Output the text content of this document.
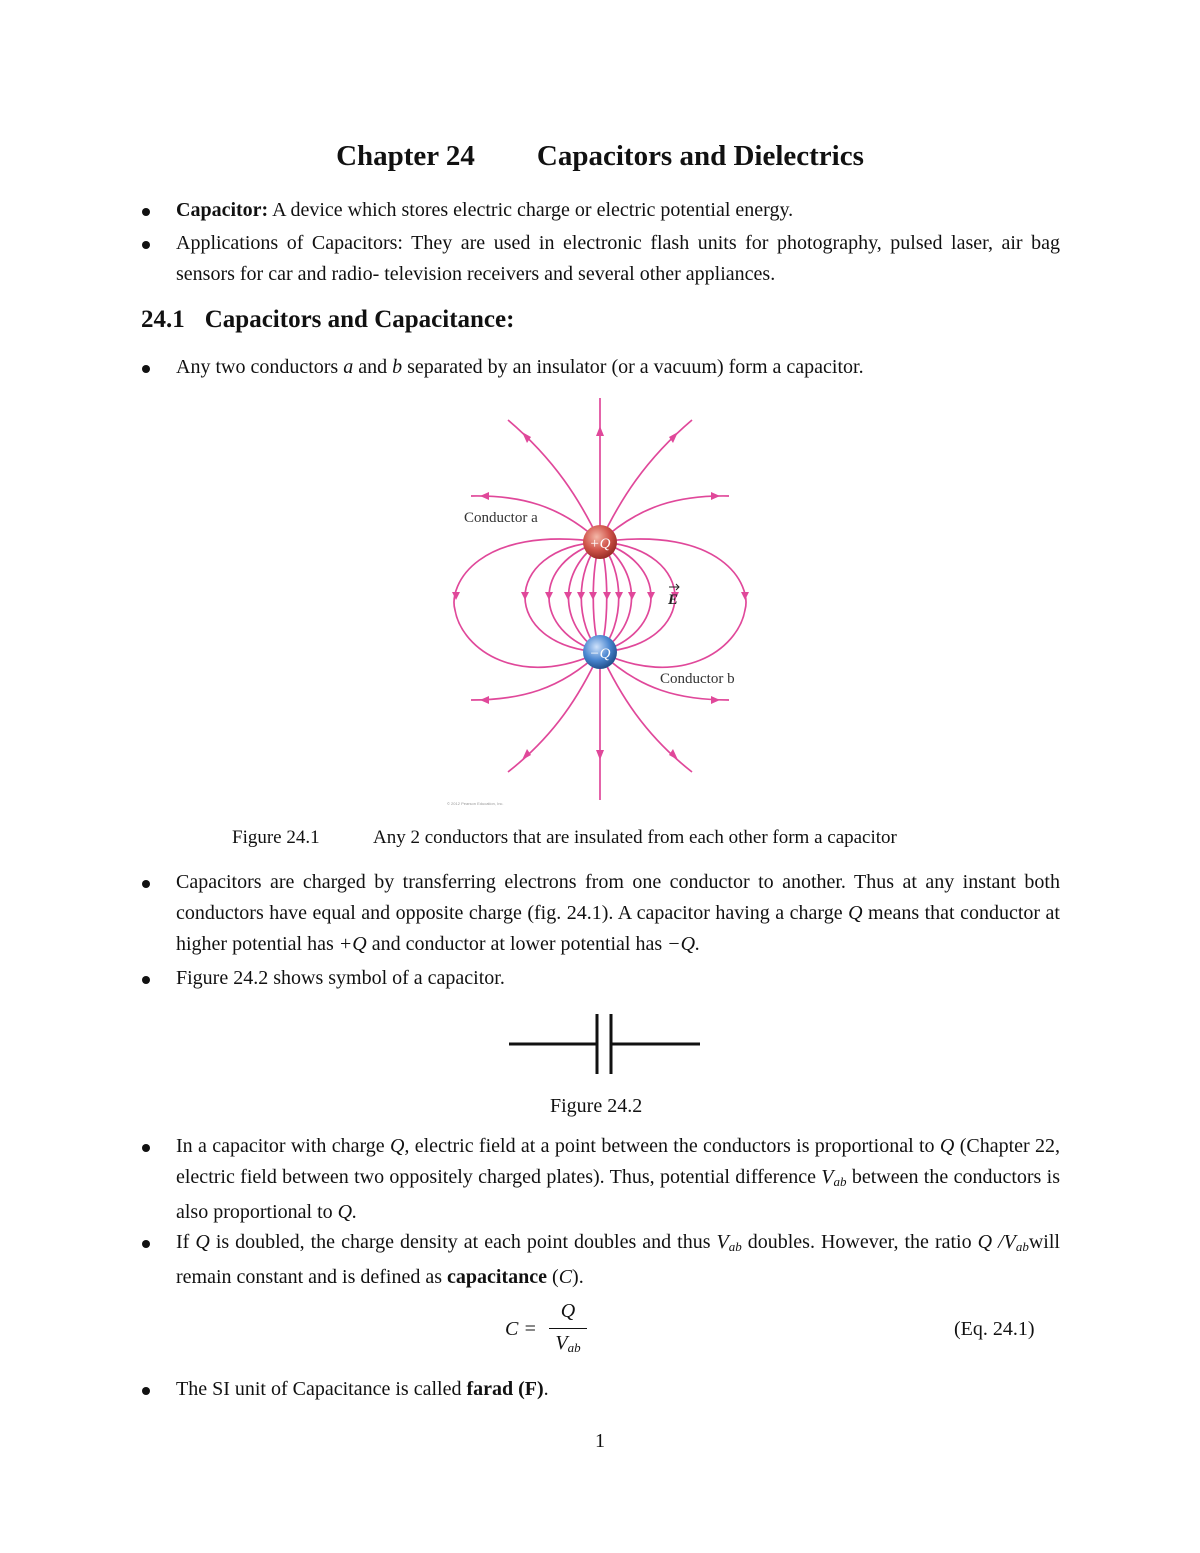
Chapter 24 Capacitors and Dielectrics
Capacitor: A device which stores electric charge or electric potential energy.
Applications of Capacitors: They are used in electronic flash units for photography, pulsed laser, air bag sensors for car and radio- television receivers and several other appliances.
24.1 Capacitors and Capacitance:
Any two conductors a and b separated by an insulator (or a vacuum) form a capacitor.
+Q
−Q
Conductor a
Conductor b
E
© 2012 Pearson Education, Inc.
Figure 24.1	Any 2 conductors that are insulated from each other form a capacitor
Capacitors are charged by transferring electrons from one conductor to another. Thus at any instant both conductors have equal and opposite charge (fig. 24.1). A capacitor having a charge Q means that conductor at higher potential has +Q and conductor at lower potential has −Q.
Figure 24.2 shows symbol of a capacitor.
Figure 24.2
In a capacitor with charge Q, electric field at a point between the conductors is proportional to Q (Chapter 22, electric field between two oppositely charged plates). Thus, potential difference $V_{ab}$ between the conductors is also proportional to Q.
If Q is doubled, the charge density at each point doubles and thus $V_{ab}$ doubles. However, the ratio Q $/V_{ab}will$ remain constant and is defined as capacitance (C).
C =
Q
$V_{ab}$
(Eq. 24.1)
The SI unit of Capacitance is called farad (F).
1
